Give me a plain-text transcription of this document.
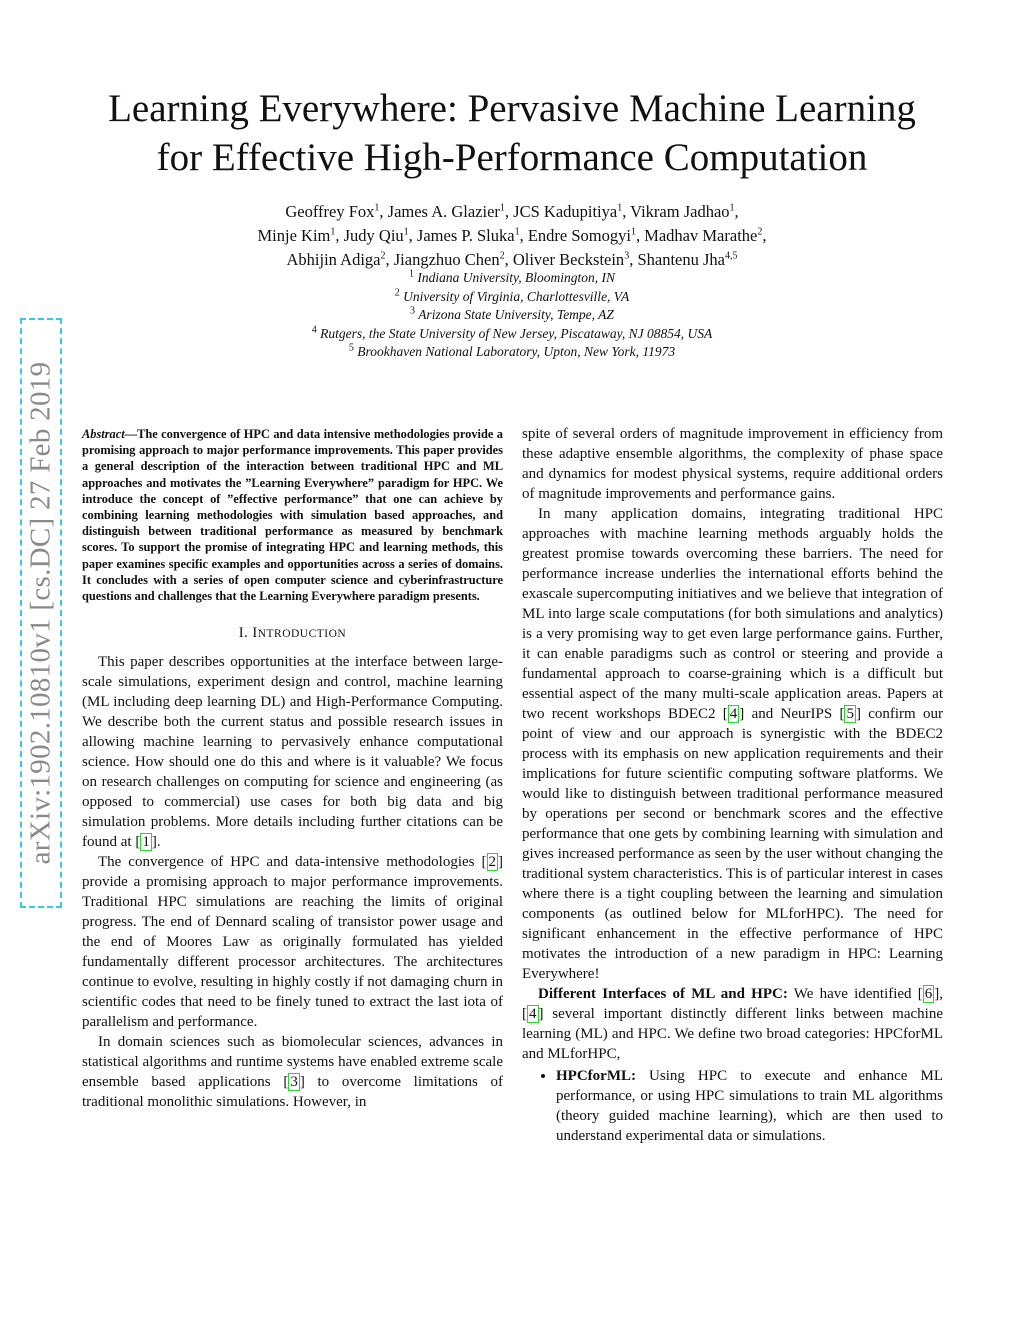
Learning Everywhere: Pervasive Machine Learning
for Effective High-Performance Computation
Geoffrey Fox$^1$, James A. Glazier$^1$, JCS Kadupitiya$^1$, Vikram Jadhao$^1$,
Minje Kim$^1$, Judy Qiu$^1$, James P. Sluka$^1$, Endre Somogyi$^1$, Madhav Marathe$^2$,
Abhijin Adiga$^2$, Jiangzhuo Chen$^2$, Oliver Beckstein$^3$, Shantenu Jha$^{4,5}$
$^1$ Indiana University, Bloomington, IN
$^2$ University of Virginia, Charlottesville, VA
$^3$ Arizona State University, Tempe, AZ
$^4$ Rutgers, the State University of New Jersey, Piscataway, NJ 08854, USA
$^5$ Brookhaven National Laboratory, Upton, New York, 11973
arXiv:1902.10810v1 [cs.DC] 27 Feb 2019 Abstract—The convergence of HPC and data intensive methodologies provide a promising approach to major performance improvements. This paper provides a general description of the interaction between traditional HPC and ML approaches and motivates the ”Learning Everywhere” paradigm for HPC. We introduce the concept of ”effective performance” that one can achieve by combining learning methodologies with simulation based approaches, and distinguish between traditional performance as measured by benchmark scores. To support the promise of integrating HPC and learning methods, this paper examines specific examples and opportunities across a series of domains. It concludes with a series of open computer science and cyberinfrastructure questions and challenges that the Learning Everywhere paradigm presents.

I. INTRODUCTION

This paper describes opportunities at the interface between large-scale simulations, experiment design and control, machine learning (ML including deep learning DL) and High-Performance Computing. We describe both the current status and possible research issues in allowing machine learning to pervasively enhance computational science. How should one do this and where is it valuable? We focus on research challenges on computing for science and engineering (as opposed to commercial) use cases for both big data and big simulation problems. More details including further citations can be found at [ 1 ].

The convergence of HPC and data-intensive methodologies [ 2 ] provide a promising approach to major performance improvements. Traditional HPC simulations are reaching the limits of original progress. The end of Dennard scaling of transistor power usage and the end of Moores Law as originally formulated has yielded fundamentally different processor architectures. The architectures continue to evolve, resulting in highly costly if not damaging churn in scientific codes that need to be finely tuned to extract the last iota of parallelism and performance.

In domain sciences such as biomolecular sciences, advances in statistical algorithms and runtime systems have enabled extreme scale ensemble based applications [ 3 ] to overcome limitations of traditional monolithic simulations. However, in

spite of several orders of magnitude improvement in efficiency from these adaptive ensemble algorithms, the complexity of phase space and dynamics for modest physical systems, require additional orders of magnitude improvements and performance gains.

In many application domains, integrating traditional HPC approaches with machine learning methods arguably holds the greatest promise towards overcoming these barriers. The need for performance increase underlies the international efforts behind the exascale supercomputing initiatives and we believe that integration of ML into large scale computations (for both simulations and analytics) is a very promising way to get even large performance gains. Further, it can enable paradigms such as control or steering and provide a fundamental approach to coarse-graining which is a difficult but essential aspect of the many multi-scale application areas. Papers at two recent workshops BDEC2 [ 4 ] and NeurIPS [ 5 ] confirm our point of view and our approach is synergistic with the BDEC2 process with its emphasis on new application requirements and their implications for future scientific computing software platforms. We would like to distinguish between traditional performance measured by operations per second or benchmark scores and the effective performance that one gets by combining learning with simulation and gives increased performance as seen by the user without changing the traditional system characteristics. This is of particular interest in cases where there is a tight coupling between the learning and simulation components (as outlined below for MLforHPC). The need for significant enhancement in the effective performance of HPC motivates the introduction of a new paradigm in HPC: Learning Everywhere!

Different Interfaces of ML and HPC: We have identified [ 6 ], [ 4 ] several important distinctly different links between machine learning (ML) and HPC. We define two broad categories: HPCforML and MLforHPC,

• HPCforML: Using HPC to execute and enhance ML performance, or using HPC simulations to train ML algorithms (theory guided machine learning), which are then used to understand experimental data or simulations.
